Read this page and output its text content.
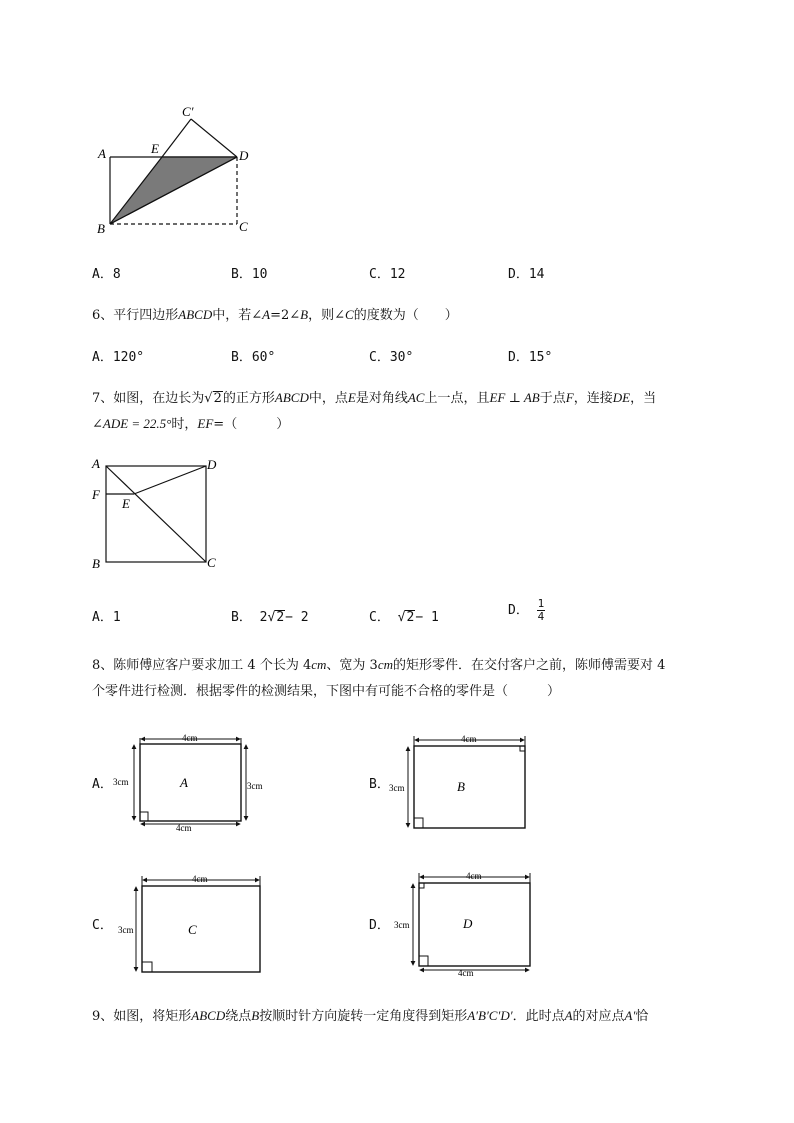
A	E
C′
D
B	C
A．8	B．10	C．12	D．14
6、平行四边形ABCD中，若∠A=2∠B，则∠C的度数为（　　）
A．120°	B．60°	C．30°	D．15°
7、如图，在边长为√2的正方形ABCD中，点E是对角线AC上一点，且EF ⊥ AB于点F，连接DE，当
∠ADE = 22.5°时，EF=（　　　）
A	D
F
E
B	C
A．1	B． 2√2− 2	C． √2− 1	D． $\frac{1}{4}$
8、陈师傅应客户要求加工 4 个长为 4cm、宽为 3cm的矩形零件．在交付客户之前，陈师傅需要对 4
个零件进行检测．根据零件的检测结果，下图中有可能不合格的零件是（　　　）
A．	B．
C．	D．
4cm
3cm	3cm
4cm
A
4cm
3cm	B
4cm
3cm	C
4cm
3cm
4cm
D
9、如图，将矩形ABCD绕点B按顺时针方向旋转一定角度得到矩形A′B′C′D′．此时点A的对应点A′恰
